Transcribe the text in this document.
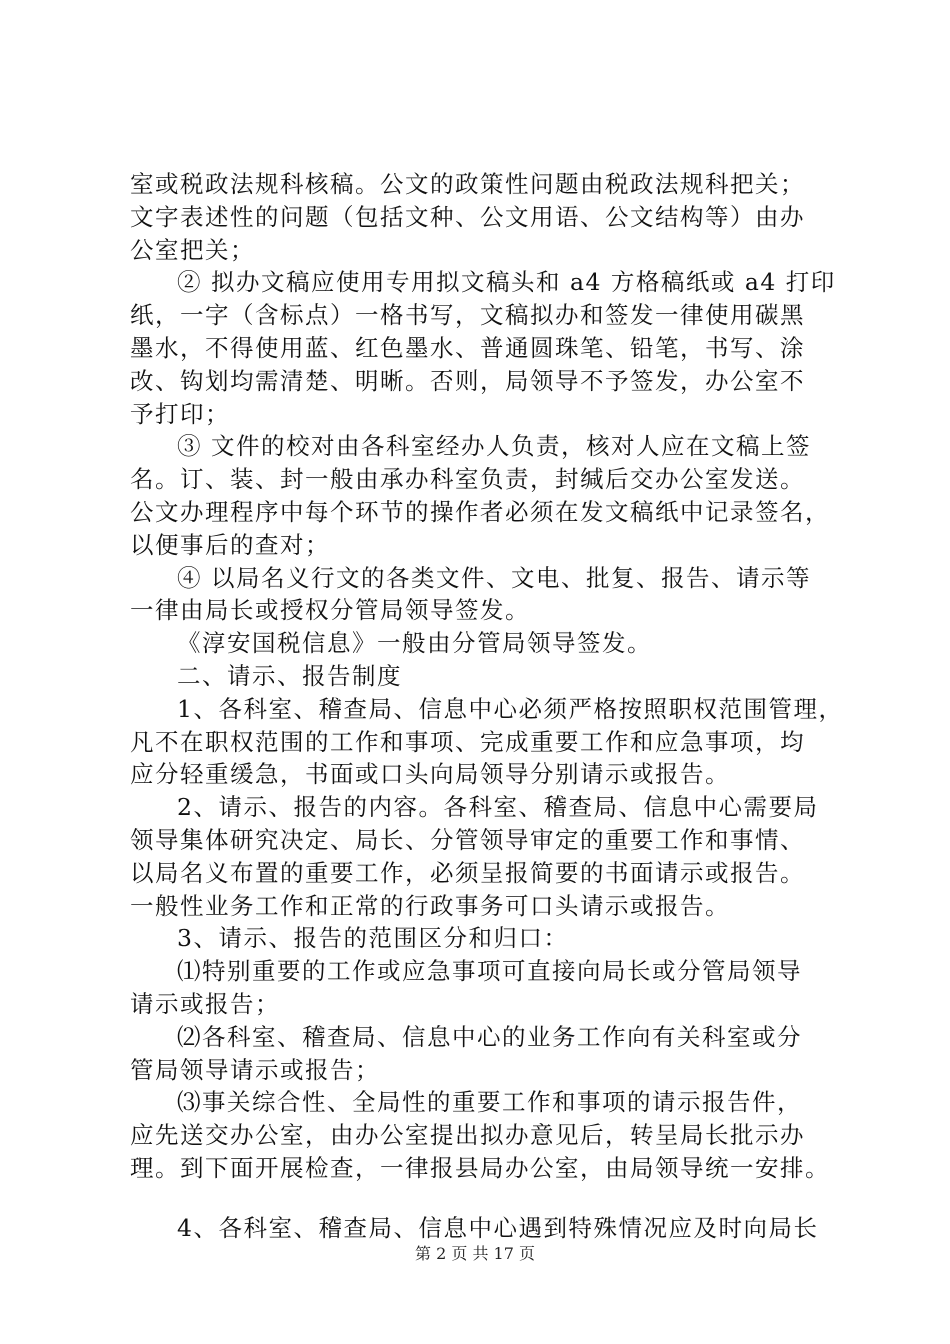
室或税政法规科核稿。公文的政策性问题由税政法规科把关；
文字表述性的问题（包括文种、公文用语、公文结构等）由办
公室把关；
② 拟办文稿应使用专用拟文稿头和 a4 方格稿纸或 a4 打印
纸，一字（含标点）一格书写，文稿拟办和签发一律使用碳黑
墨水，不得使用蓝、红色墨水、普通圆珠笔、铅笔，书写、涂
改、钩划均需清楚、明晰。否则，局领导不予签发，办公室不
予打印；
③ 文件的校对由各科室经办人负责，核对人应在文稿上签
名。订、装、封一般由承办科室负责，封缄后交办公室发送。
公文办理程序中每个环节的操作者必须在发文稿纸中记录签名，
以便事后的查对；
④ 以局名义行文的各类文件、文电、批复、报告、请示等
一律由局长或授权分管局领导签发。
《淳安国税信息》一般由分管局领导签发。
二、请示、报告制度
1、各科室、稽查局、信息中心必须严格按照职权范围管理，
凡不在职权范围的工作和事项、完成重要工作和应急事项，均
应分轻重缓急，书面或口头向局领导分别请示或报告。
2、请示、报告的内容。各科室、稽查局、信息中心需要局
领导集体研究决定、局长、分管领导审定的重要工作和事情、
以局名义布置的重要工作，必须呈报简要的书面请示或报告。
一般性业务工作和正常的行政事务可口头请示或报告。
3、请示、报告的范围区分和归口：
⑴特别重要的工作或应急事项可直接向局长或分管局领导
请示或报告；
⑵各科室、稽查局、信息中心的业务工作向有关科室或分
管局领导请示或报告；
⑶事关综合性、全局性的重要工作和事项的请示报告件，
应先送交办公室，由办公室提出拟办意见后，转呈局长批示办
理。到下面开展检查，一律报县局办公室，由局领导统一安排。
4、各科室、稽查局、信息中心遇到特殊情况应及时向局长
第 2 页 共 17 页
